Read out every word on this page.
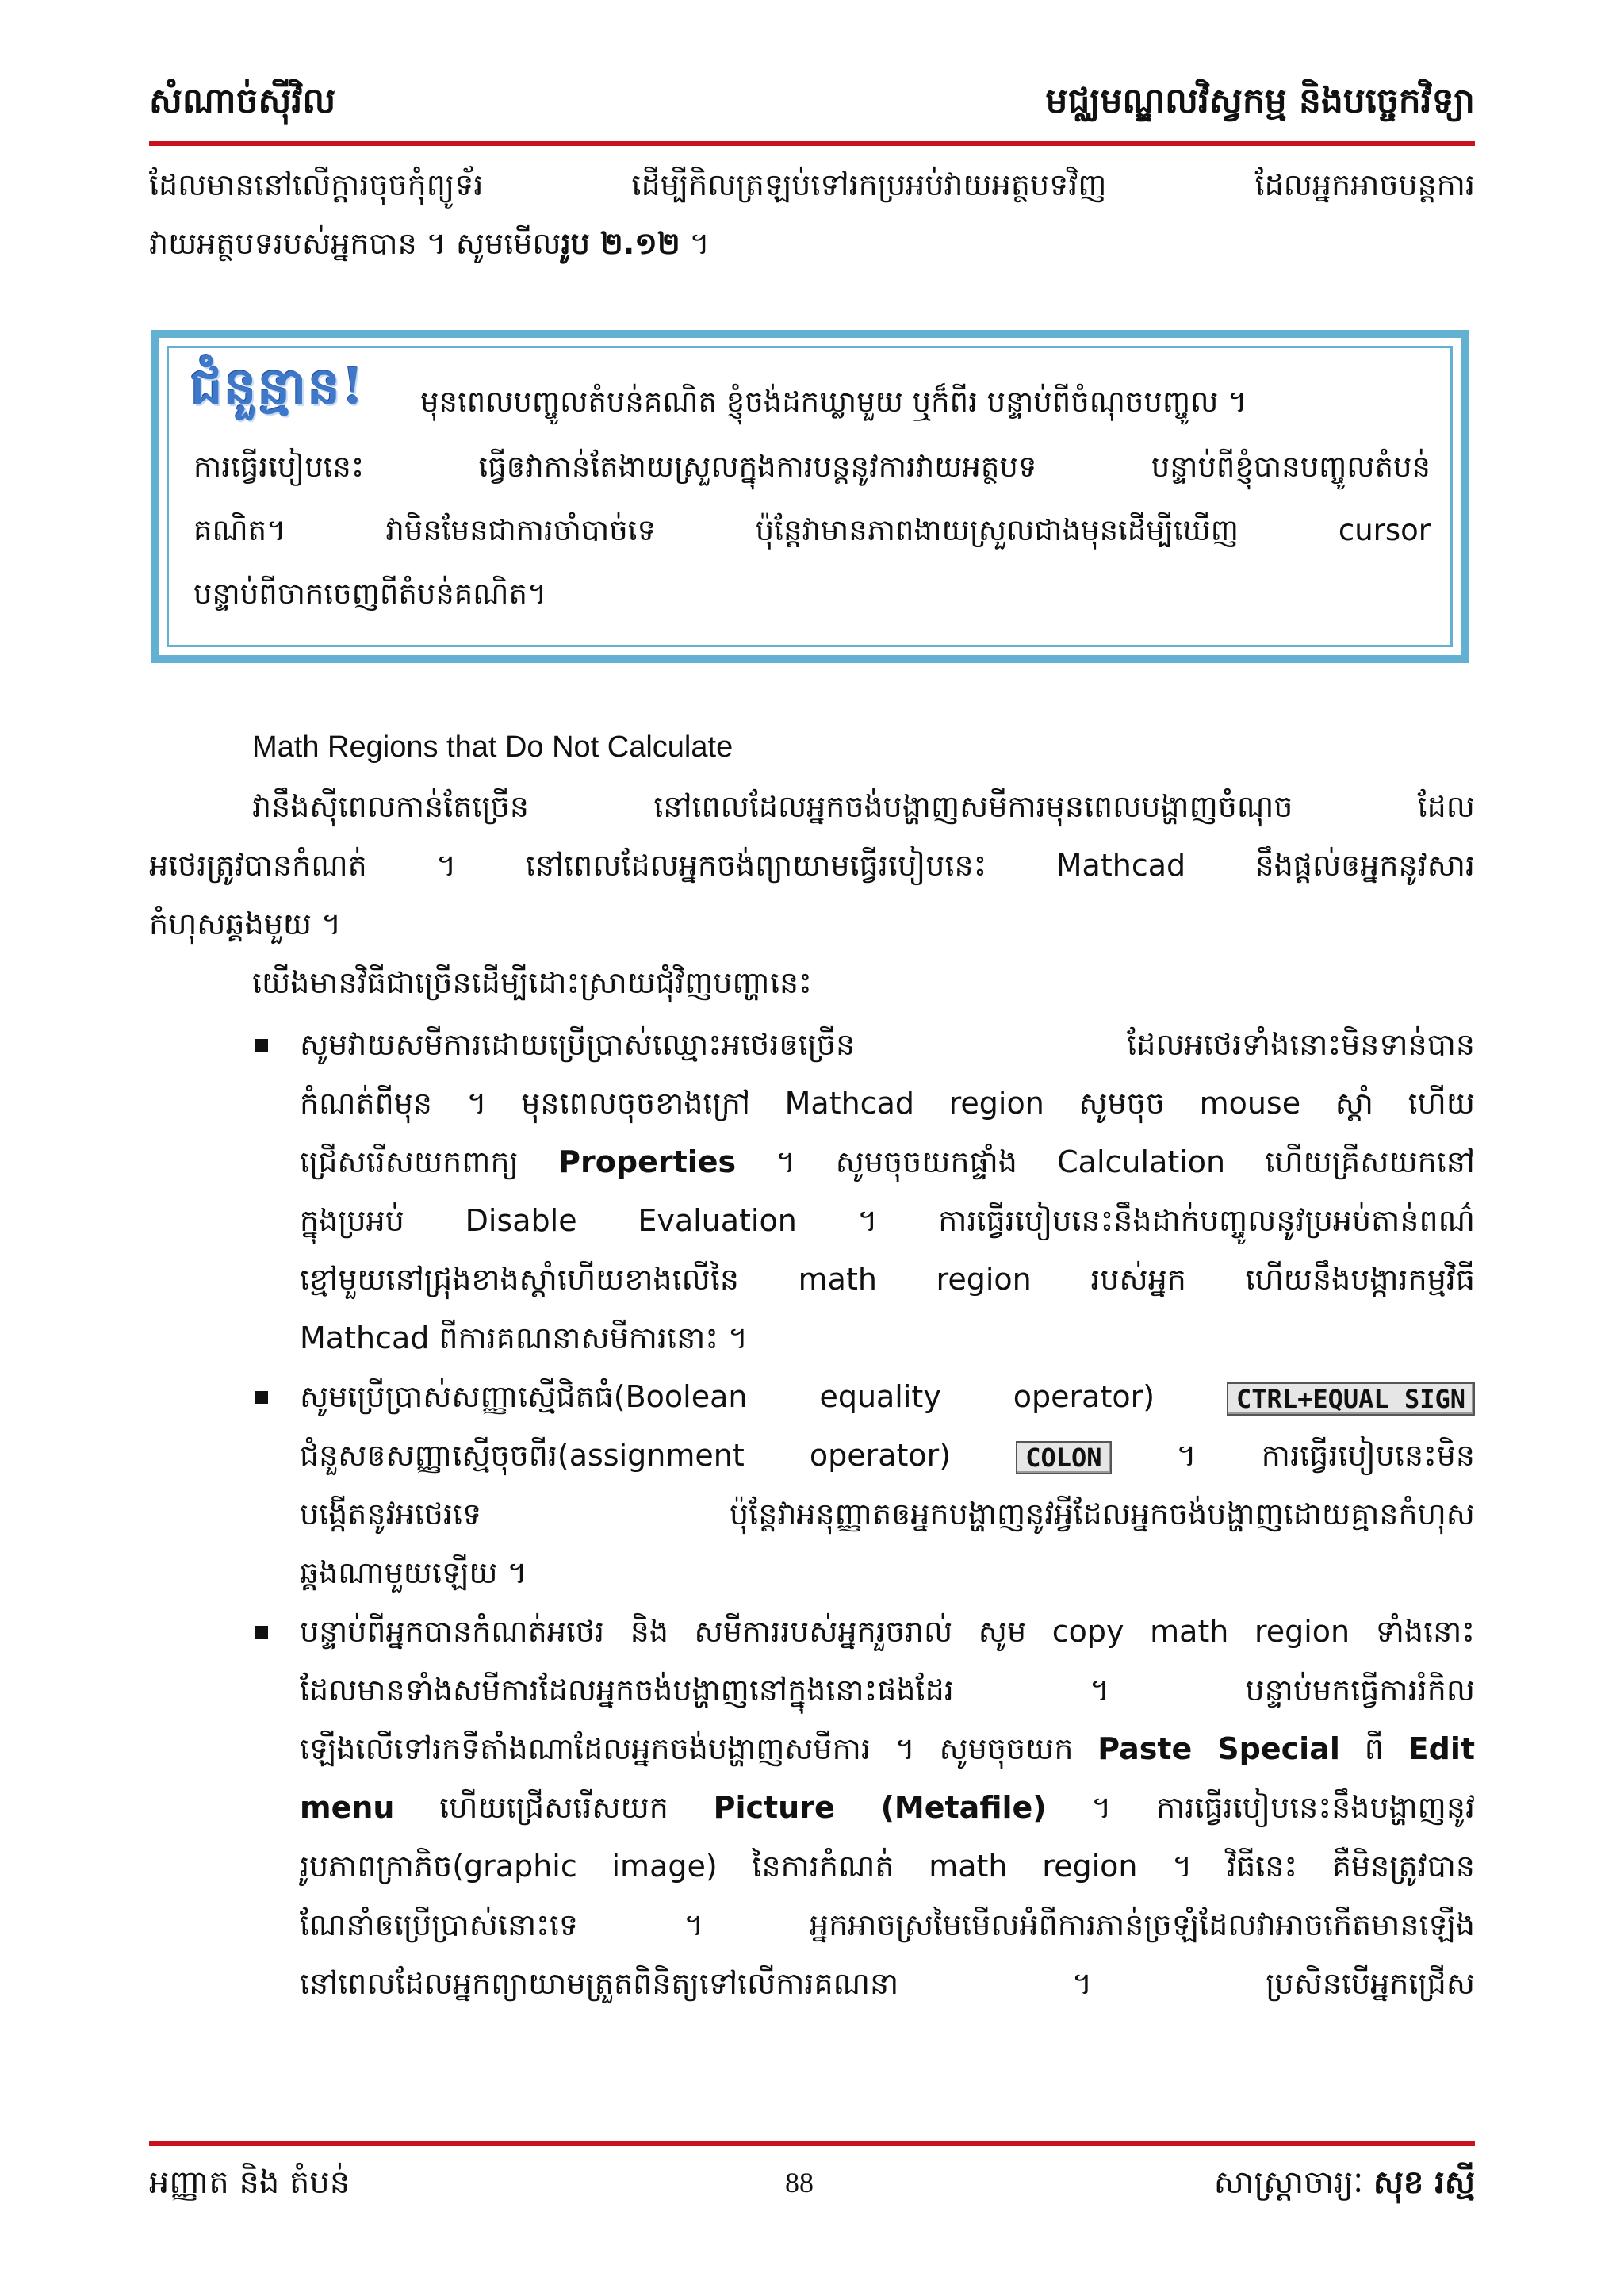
សំណាច់ស៊ីវិល	មជ្ឈមណ្ឌលវិស្វកម្ម និងបច្ចេកវិទ្យា
ដែលមាននៅលើក្តារចុចកុំព្យូទ័រ ដើម្បីកិលត្រឡប់ទៅរកប្រអប់វាយអត្ថបទវិញ ដែលអ្នកអាចបន្តការ
វាយអត្ថបទរបស់អ្នកបាន ។ សូមមើលរូប ២.១២ ។
ជំនួន្មាន! មុនពេលបញ្ចូលតំបន់គណិត ខ្ញុំចង់ដកឃ្លាមួយ ឬក៏ពីរ បន្ទាប់ពីចំណុចបញ្ចូល ។
ការធ្វើរបៀបនេះ ធ្វើឲវាកាន់តែងាយស្រួលក្នុងការបន្តនូវការវាយអត្ថបទ បន្ទាប់ពីខ្ញុំបានបញ្ចូលតំបន់
គណិត។ វាមិនមែនជាការចាំបាច់ទេ ប៉ុន្តែវាមានភាពងាយស្រួលជាងមុនដើម្បីឃើញ cursor
បន្ទាប់ពីចាកចេញពីតំបន់គណិត។
Math Regions that Do Not Calculate
វានឹងស៊ីពេលកាន់តែច្រើន នៅពេលដែលអ្នកចង់បង្ហាញសមីការមុនពេលបង្ហាញចំណុច ដែល
អថេរត្រូវបានកំណត់ ។ នៅពេលដែលអ្នកចង់ព្យាយាមធ្វើរបៀបនេះ Mathcad នឹងផ្តល់ឲអ្នកនូវសារ
កំហុសឆ្គងមួយ ។
យើងមានវិធីជាច្រើនដើម្បីដោះស្រាយជុំវិញបញ្ហានេះ
សូមវាយសមីការដោយប្រើប្រាស់ឈ្មោះអថេរឲច្រើន ដែលអថេរទាំងនោះមិនទាន់បាន
កំណត់ពីមុន ។ មុនពេលចុចខាងក្រៅ Mathcad region សូមចុច mouse ស្តាំ ហើយ
ជ្រើសរើសយកពាក្យ Properties ។ សូមចុចយកផ្ទាំង Calculation ហើយគ្រីសយកនៅ
ក្នុងប្រអប់ Disable Evaluation ។ ការធ្វើរបៀបនេះនឹងដាក់បញ្ចូលនូវប្រអប់តាន់ពណ៌
ខ្មៅមួយនៅជ្រុងខាងស្តាំហើយខាងលើនៃ math region របស់អ្នក ហើយនឹងបង្ការកម្មវិធី
Mathcad ពីការគណនាសមីការនោះ ។
សូមប្រើប្រាស់សញ្ញាស្មើជិតធំ(Boolean equality operator) CTRL+EQUAL SIGN
ជំនួសឲសញ្ញាស្មើចុចពីរ(assignment operator) COLON ។ ការធ្វើរបៀបនេះមិន
បង្កើតនូវអថេរទេ ប៉ុន្តែវាអនុញ្ញាតឲអ្នកបង្ហាញនូវអ្វីដែលអ្នកចង់បង្ហាញដោយគ្មានកំហុស
ឆ្គងណាមួយឡើយ ។
បន្ទាប់ពីអ្នកបានកំណត់អថេរ និង សមីការរបស់អ្នករួចរាល់ សូម copy math region ទាំងនោះ
ដែលមានទាំងសមីការដែលអ្នកចង់បង្ហាញនៅក្នុងនោះផងដែរ ។ បន្ទាប់មកធ្វើការរំកិល
ឡើងលើទៅរកទីតាំងណាដែលអ្នកចង់បង្ហាញសមីការ ។ សូមចុចយក Paste Special ពី Edit
menu ហើយជ្រើសរើសយក Picture (Metafile) ។ ការធ្វើរបៀបនេះនឹងបង្ហាញនូវ
រូបភាពក្រាភិច(graphic image) នៃការកំណត់ math region ។ វិធីនេះ គឺមិនត្រូវបាន
ណែនាំឲប្រើប្រាស់នោះទេ ។ អ្នកអាចស្រមៃមើលអំពីការភាន់ច្រឡំដែលវាអាចកើតមានឡើង
នៅពេលដែលអ្នកព្យាយាមត្រួតពិនិត្យទៅលើការគណនា ។ ប្រសិនបើអ្នកជ្រើស
អញ្ញាត និង តំបន់	88	សាស្ត្រាចារ្យៈ សុខ រស្មី
